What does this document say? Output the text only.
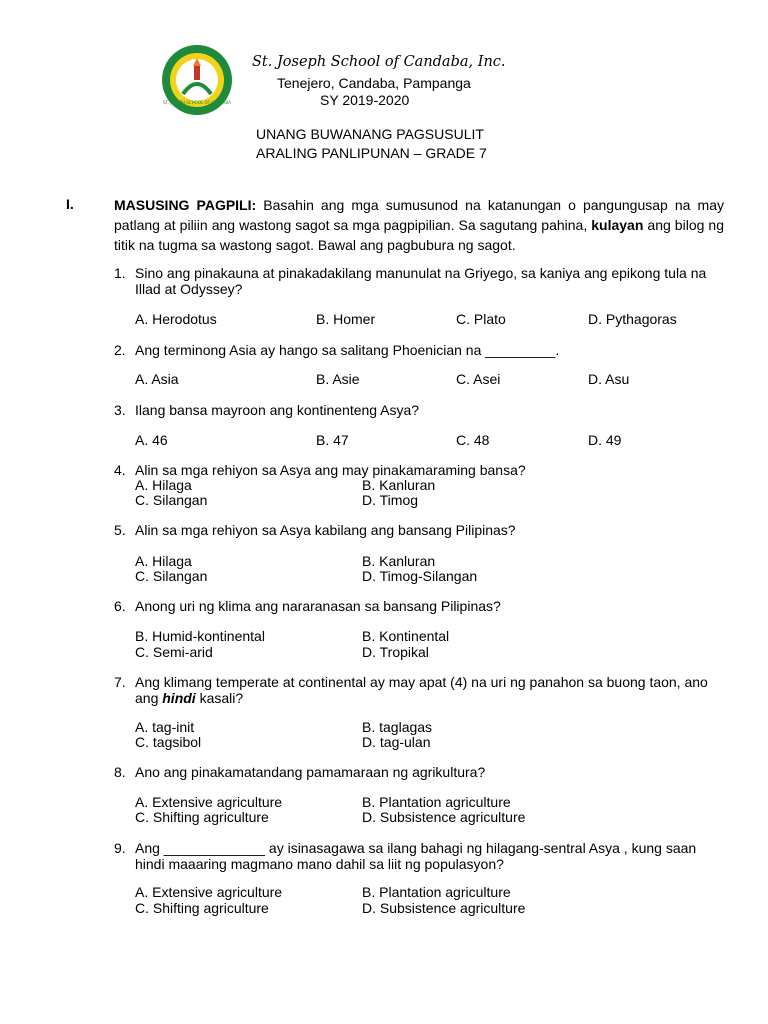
ST. JOSEPH SCHOOL OF CANDABA
St. Joseph School of Candaba, Inc.
Tenejero, Candaba, Pampanga
SY 2019-2020
UNANG BUWANANG PAGSUSULIT
ARALING PANLIPUNAN – GRADE 7
I.	MASUSING PAGPILI: Basahin ang mga sumusunod na katanungan o pangungusap na may patlang at piliin ang wastong sagot sa mga pagpipilian. Sa sagutang pahina, kulayan ang bilog ng titik na tugma sa wastong sagot. Bawal ang pagbubura ng sagot.
1. Sino ang pinakauna at pinakadakilang manunulat na Griyego, sa kaniya ang epikong tula na Illad at Odyssey?
A. Herodotus	B. Homer	C. Plato	D. Pythagoras
2. Ang terminong Asia ay hango sa salitang Phoenician na _________.
A. Asia	B. Asie	C. Asei	D. Asu
3. Ilang bansa mayroon ang kontinenteng Asya?
A. 46	B. 47	C. 48	D. 49
4. Alin sa mga rehiyon sa Asya ang may pinakamaraming bansa?
A. Hilaga	B. Kanluran
C. Silangan	D. Timog
5. Alin sa mga rehiyon sa Asya kabilang ang bansang Pilipinas?
A. Hilaga	B. Kanluran
C. Silangan	D. Timog-Silangan
6. Anong uri ng klima ang nararanasan sa bansang Pilipinas?
B. Humid-kontinental	B. Kontinental
C. Semi-arid	D. Tropikal
7. Ang klimang temperate at continental ay may apat (4) na uri ng panahon sa buong taon, ano ang hindi kasali?
A. tag-init	B. taglagas
C. tagsibol	D. tag-ulan
8. Ano ang pinakamatandang pamamaraan ng agrikultura?
A. Extensive agriculture	B. Plantation agriculture
C. Shifting agriculture	D. Subsistence agriculture
9. Ang _____________ ay isinasagawa sa ilang bahagi ng hilagang-sentral Asya , kung saan hindi maaaring magmano mano dahil sa liit ng populasyon?
A. Extensive agriculture	B. Plantation agriculture
C. Shifting agriculture	D. Subsistence agriculture
